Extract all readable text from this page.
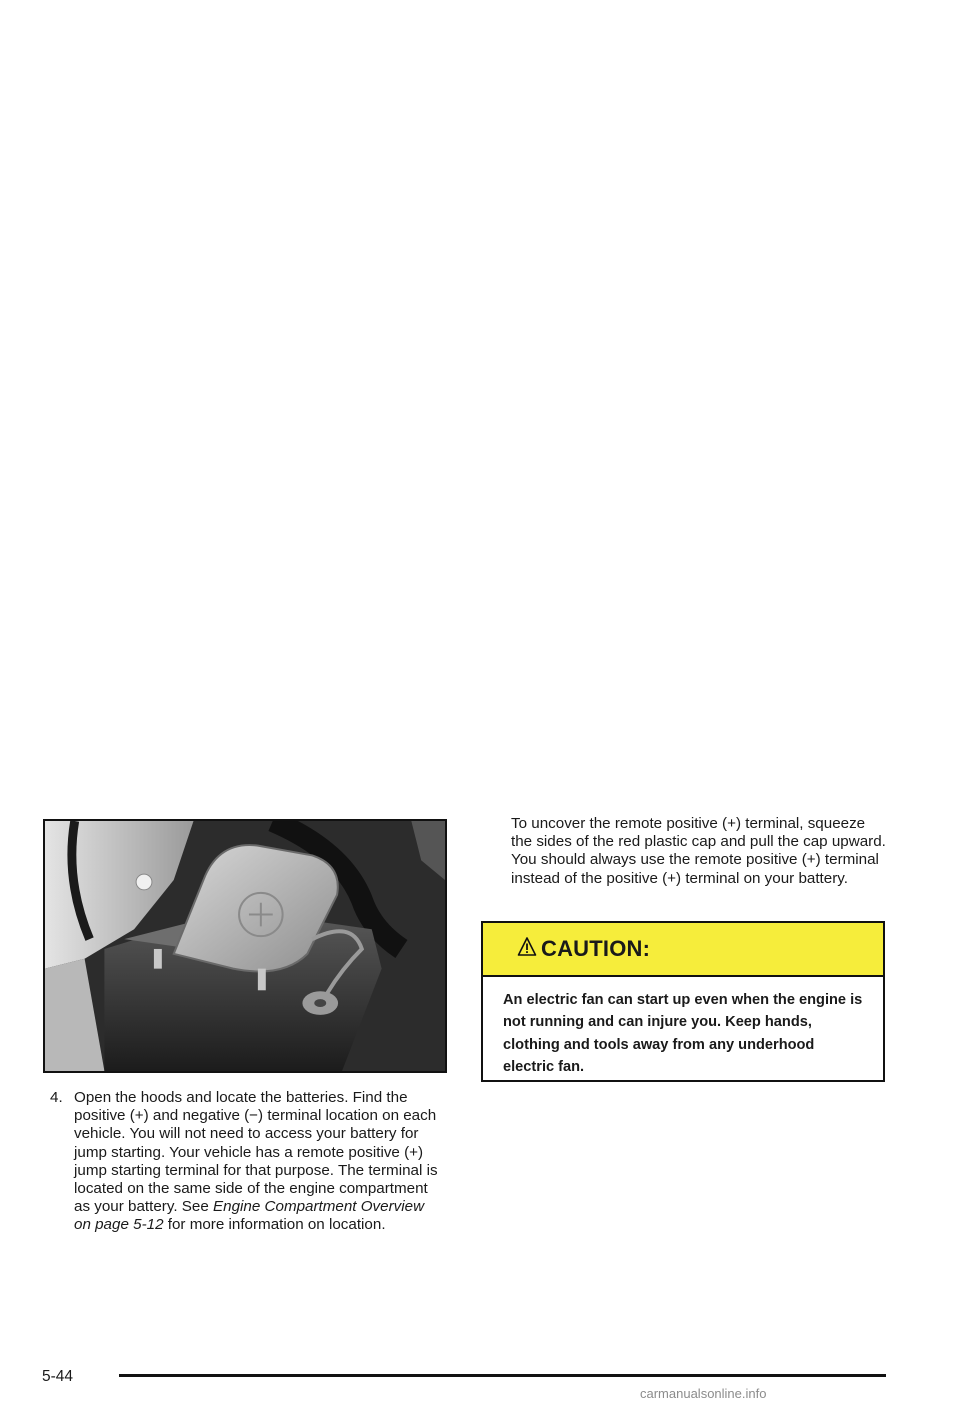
4. Open the hoods and locate the batteries. Find the positive (+) and negative (−) terminal location on each vehicle. You will not need to access your battery for jump starting. Your vehicle has a remote positive (+) jump starting terminal for that purpose. The terminal is located on the same side of the engine compartment as your battery. See Engine Compartment Overview on page 5-12 for more information on location.
To uncover the remote positive (+) terminal, squeeze the sides of the red plastic cap and pull the cap upward. You should always use the remote positive (+) terminal instead of the positive (+) terminal on your battery.
CAUTION:
An electric fan can start up even when the engine is not running and can injure you. Keep hands, clothing and tools away from any underhood electric fan.
5-44
carmanualsonline.info
